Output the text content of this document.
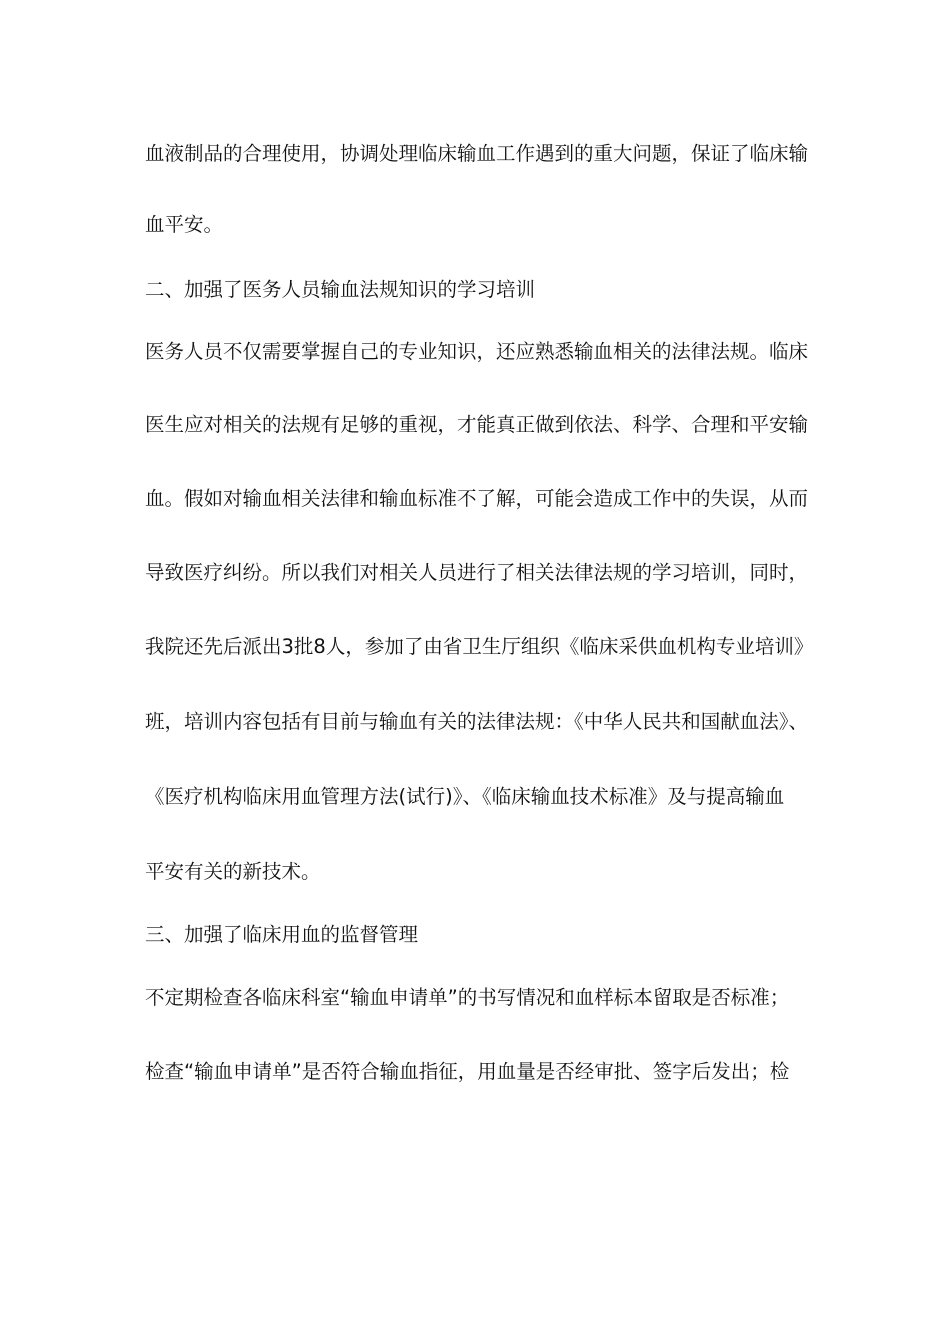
血液制品的合理使用，协调处理临床输血工作遇到的重大问题，保证了临床输
血平安。
二、加强了医务人员输血法规知识的学习培训
医务人员不仅需要掌握自己的专业知识，还应熟悉输血相关的法律法规。临床
医生应对相关的法规有足够的重视，才能真正做到依法、科学、合理和平安输
血。假如对输血相关法律和输血标准不了解，可能会造成工作中的失误，从而
导致医疗纠纷。所以我们对相关人员进行了相关法律法规的学习培训，同时，
我院还先后派出3批8人，参加了由省卫生厅组织《临床采供血机构专业培训》
班，培训内容包括有目前与输血有关的法律法规：《中华人民共和国献血法》、
《医疗机构临床用血管理方法(试行)》、《临床输血技术标准》及与提高输血
平安有关的新技术。
三、加强了临床用血的监督管理
不定期检查各临床科室“输血申请单”的书写情况和血样标本留取是否标准；
检查“输血申请单”是否符合输血指征，用血量是否经审批、签字后发出；检
